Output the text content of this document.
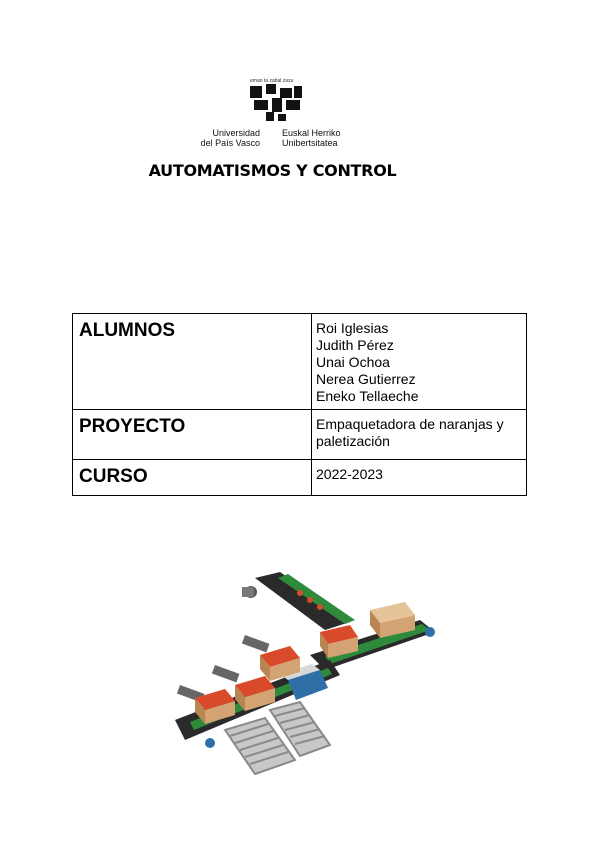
eman ta zabal zazu
Universidad
del País Vasco
Euskal Herriko
Unibertsitatea
AUTOMATISMOS Y CONTROL
ALUMNOS	Roi Iglesias
Judith Pérez
Unai Ochoa
Nerea Gutierrez
Eneko Tellaeche

PROYECTO	Empaquetadora de naranjas y paletización
CURSO	2022-2023
